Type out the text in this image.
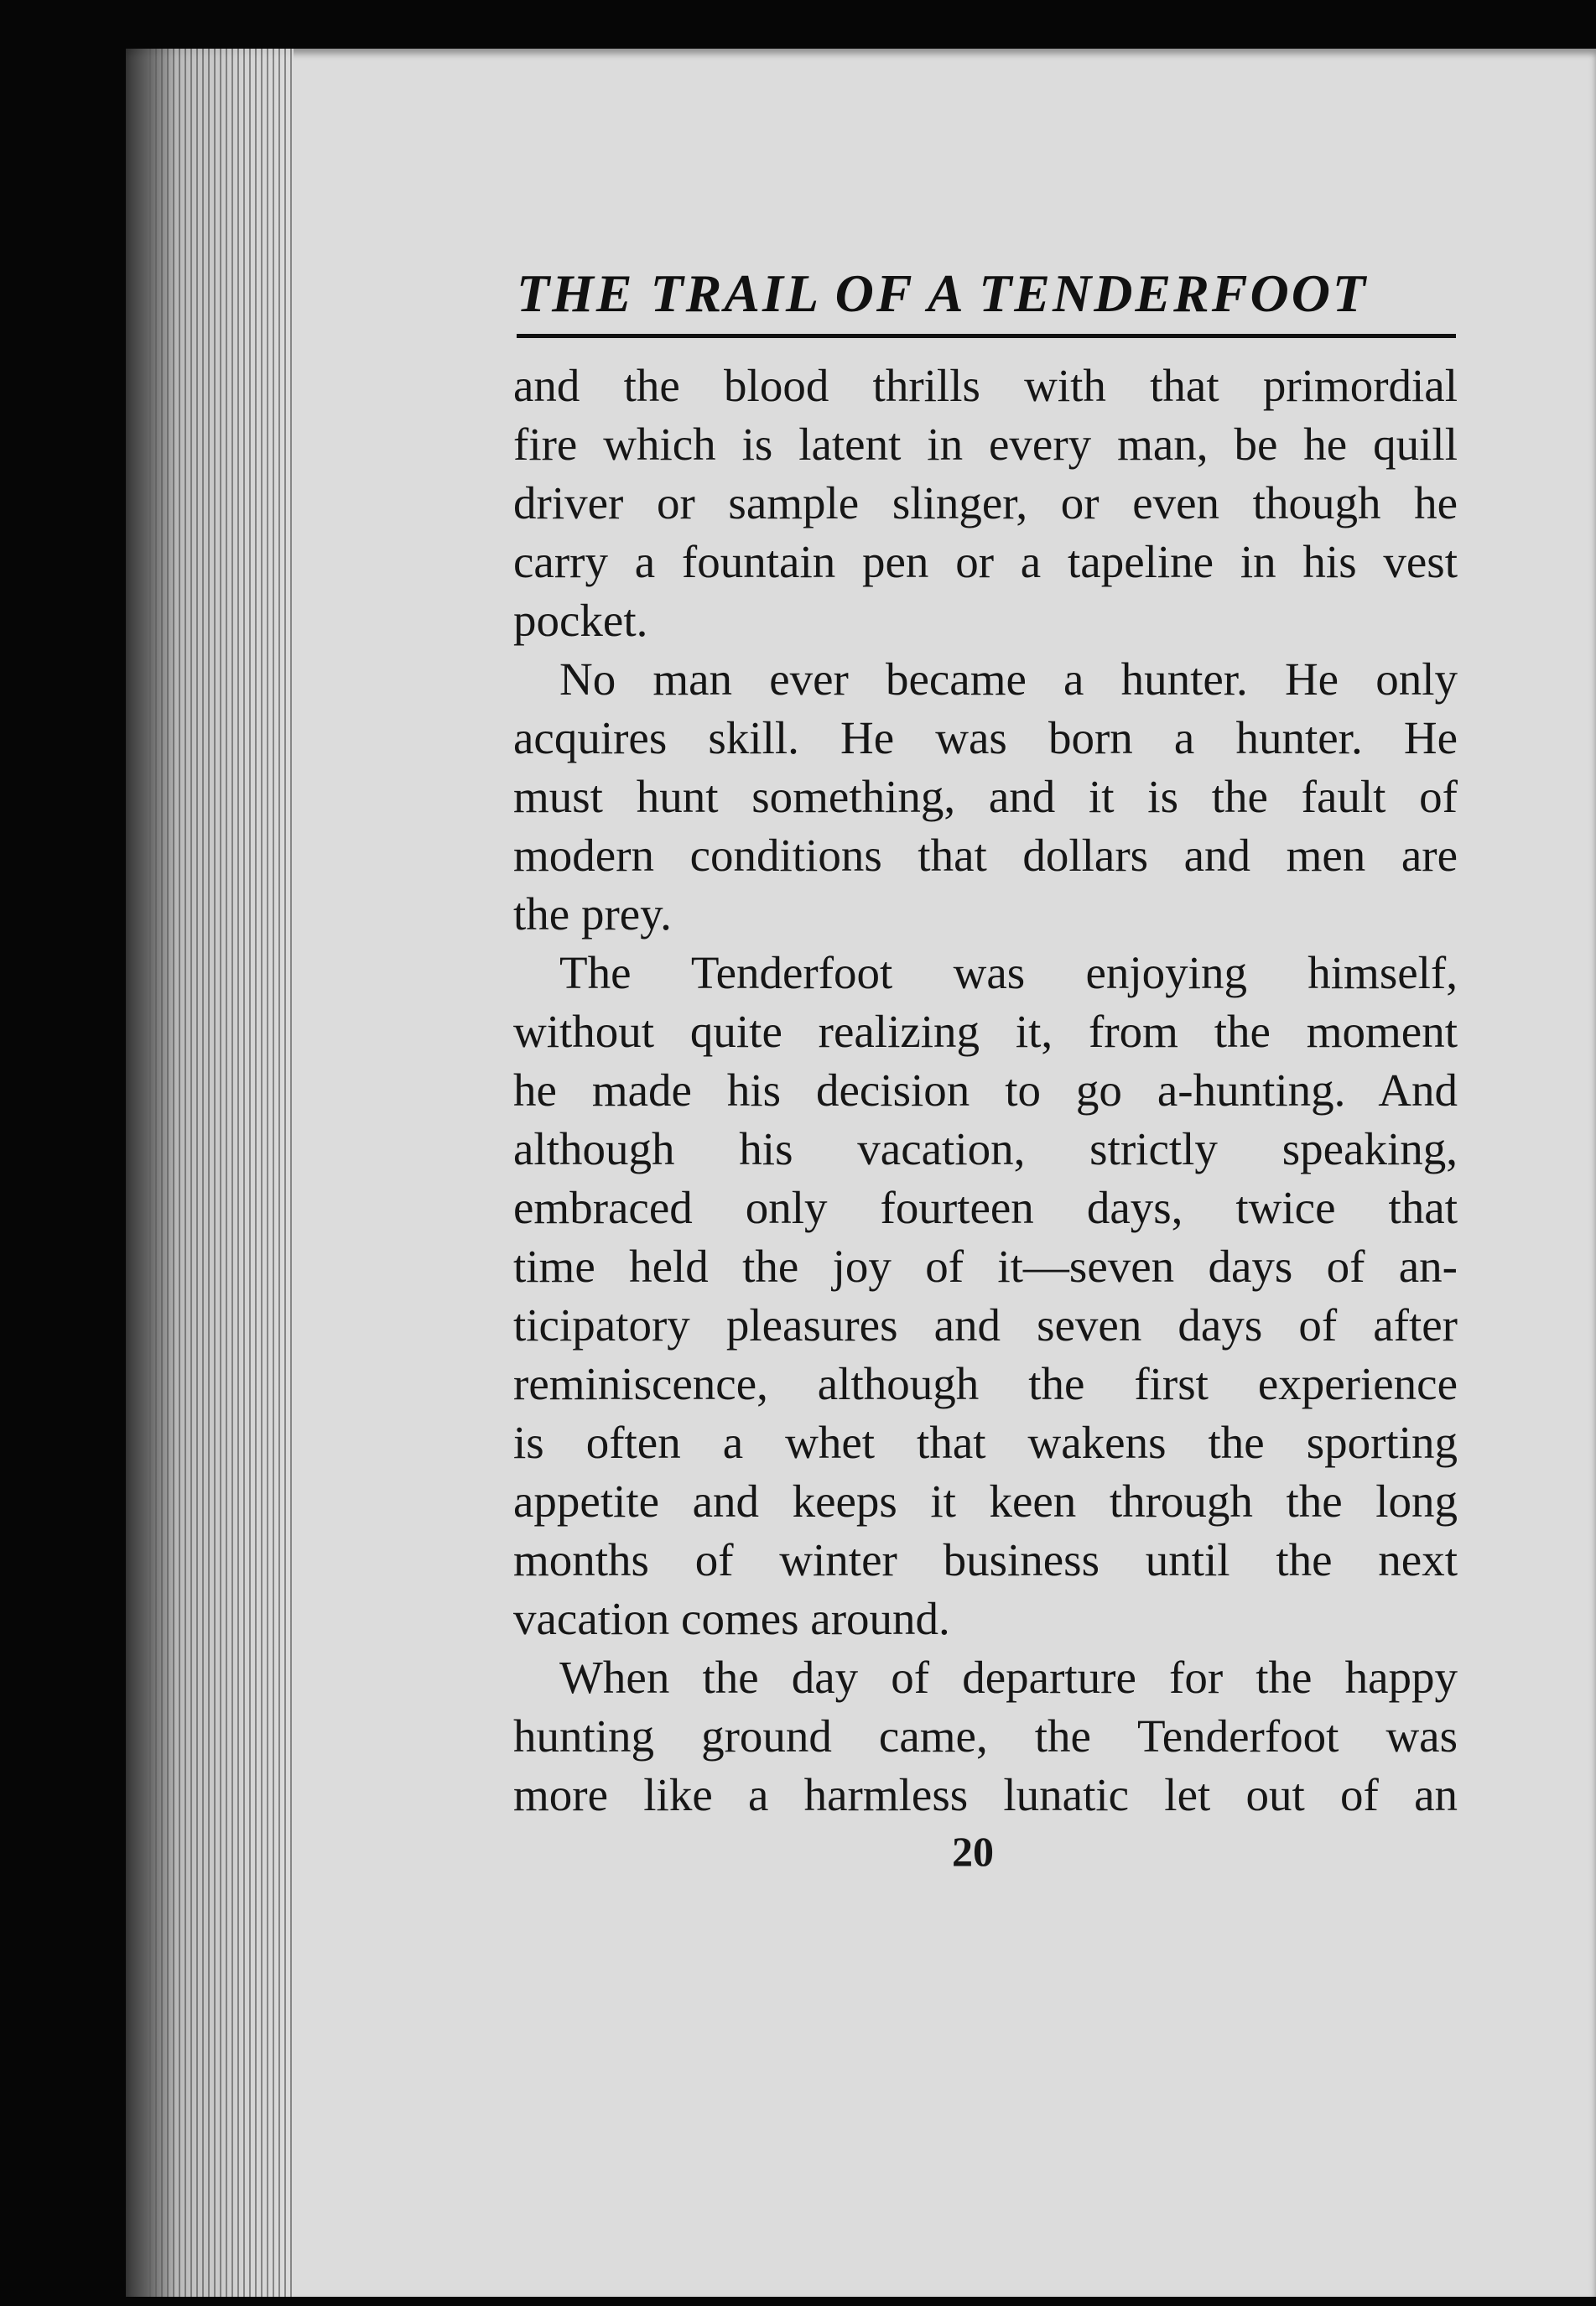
THE TRAIL OF A TENDERFOOT
and the blood thrills with that primordial
fire which is latent in every man, be he quill
driver or sample slinger, or even though he
carry a fountain pen or a tapeline in his vest
pocket.
No man ever became a hunter. He only
acquires skill. He was born a hunter. He
must hunt something, and it is the fault of
modern conditions that dollars and men are
the prey.
The Tenderfoot was enjoying himself,
without quite realizing it, from the moment
he made his decision to go a-hunting. And
although his vacation, strictly speaking,
embraced only fourteen days, twice that
time held the joy of it—seven days of an-
ticipatory pleasures and seven days of after
reminiscence, although the first experience
is often a whet that wakens the sporting
appetite and keeps it keen through the long
months of winter business until the next
vacation comes around.
When the day of departure for the happy
hunting ground came, the Tenderfoot was
more like a harmless lunatic let out of an
20
